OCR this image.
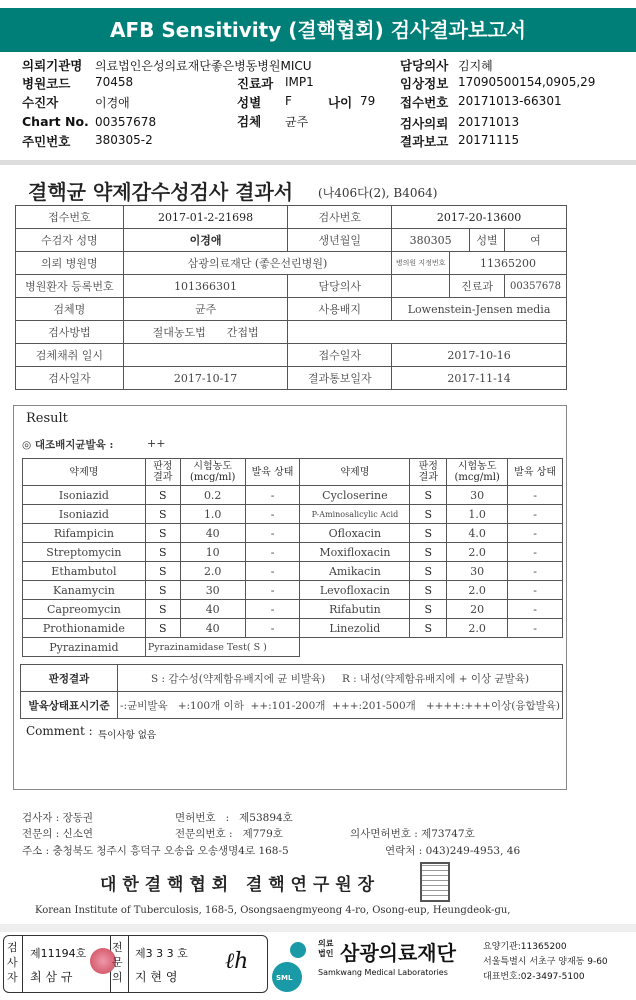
AFB Sensitivity (결핵협회) 검사결과보고서
의뢰기관명 의료법인은성의료재단좋은병동병원MICU
병원코드 70458
수진자	이경애
Chart No. 00357678
주민번호 380305-2
진료과 IMP1
성별 F	나이 79
검체 균주
담당의사 김지혜
임상정보 17090500154,0905,29
접수번호 20171013-66301
검사의뢰 20171013
결과보고 20171115
결핵균 약제감수성검사 결과서 (나406다(2), B4064)
접수번호	2017-01-2-21698	검사번호	2017-20-13600			
수검자 성명	이경애	생년월일	380305		성별	여
의뢰 병원명	삼광의료재단 (좋은선린병원)		병의원 지정번호	11365200		
병원환자 등록번호	101366301	담당의사		진료과		00357678
검체명	균주	사용배지	Lowenstein-Jensen media			
검사방법	절대농도법 간접법					
검체채취 일시		접수일자	2017-10-16			
검사일자	2017-10-17	결과통보일자	2017-11-14			
Result
◎ 대조배지균발육 :	++
약제명	판정 결과	시험농도 (mcg/ml)	발육 상태	약제명	판정 결과	시험농도 (mcg/ml)	발육 상태
Isoniazid	S	0.2	-	Cycloserine	S	30	-
Isoniazid	S	1.0	-	P-Aminosalicylic Acid	S	1.0	-
Rifampicin	S	40	-	Ofloxacin	S	4.0	-
Streptomycin	S	10	-	Moxifloxacin	S	2.0	-
Ethambutol	S	2.0	-	Amikacin	S	30	-
Kanamycin	S	30	-	Levofloxacin	S	2.0	-
Capreomycin	S	40	-	Rifabutin	S	20	-
Prothionamide	S	40	-	Linezolid	S	2.0	-
Pyrazinamid	Pyrazinamidase Test( S )						
판정결과	S : 감수성(약제함유배지에 균 비발육) R : 내성(약제함유배지에 + 이상 균발육)
발육상태표시기준	-:균비발육   +:100개 이하  ++:101-200개  +++:201-500개   ++++:+++이상(융합발육)
Comment : 특이사항 없음
검사자 : 장동권	면허번호   :   제53894호
전문의 : 신소연	전문의번호 :   제779호	의사면허번호 : 제73747호
주소 : 충청북도 청주시 흥덕구 오송읍 오송생명4로 168-5	연락처 : 043)249-4953, 46
대 한 결 핵 협 회   결 핵 연 구 원 장
Korean Institute of Tuberculosis, 168-5, Osongsaengmyeong 4-ro, Osong-eup, Heungdeok-gu,
검사자
제11194호
최 삼 규
전문의
제3 3 3 호
지 현 영
ℓh
SML
의료법인 삼광의료재단
Samkwang Medical Laboratories
요양기관:11365200
서울특별시 서초구 양재동 9-60
대표번호:02-3497-5100
